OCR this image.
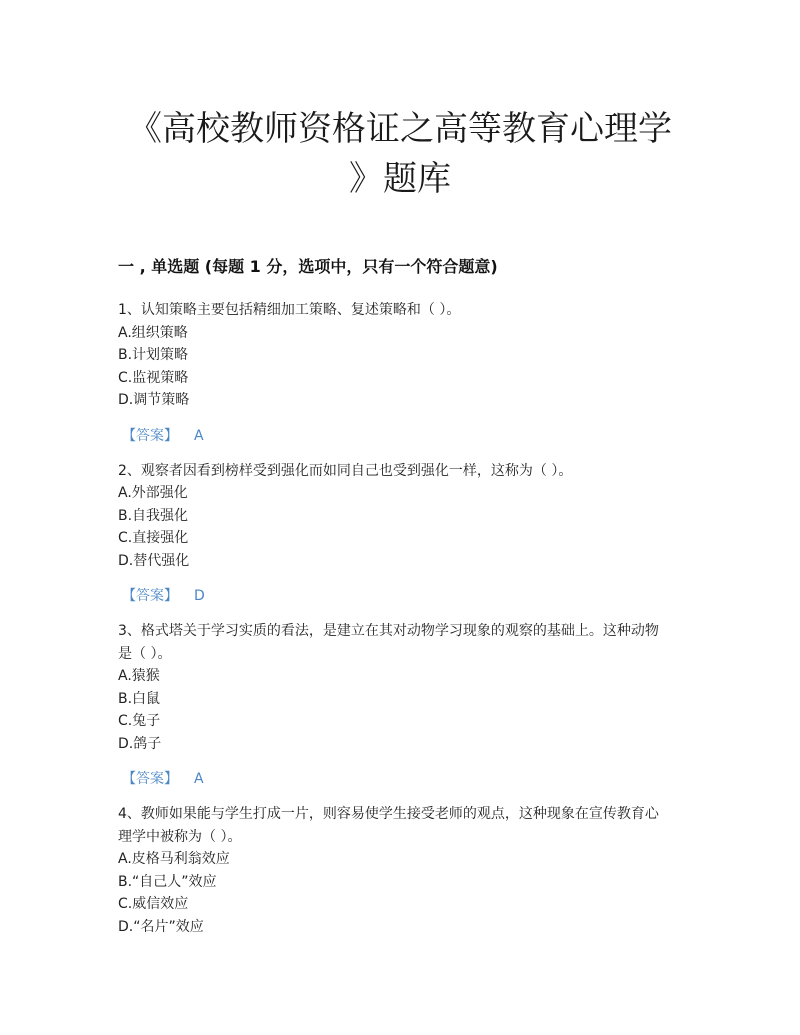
《高校教师资格证之高等教育心理学
》题库
一 , 单选题 (每题 1 分，选项中，只有一个符合题意)
1、认知策略主要包括精细加工策略、复述策略和（ ）。
A.组织策略
B.计划策略
C.监视策略
D.调节策略
【答案】 A
2、观察者因看到榜样受到强化而如同自己也受到强化一样，这称为（ ）。
A.外部强化
B.自我强化
C.直接强化
D.替代强化
【答案】 D
3、格式塔关于学习实质的看法，是建立在其对动物学习现象的观察的基础上。这种动物
是（ ）。
A.猿猴
B.白鼠
C.兔子
D.鸽子
【答案】 A
4、教师如果能与学生打成一片，则容易使学生接受老师的观点，这种现象在宣传教育心
理学中被称为（ ）。
A.皮格马利翁效应
B.“自己人”效应
C.威信效应
D.“名片”效应
